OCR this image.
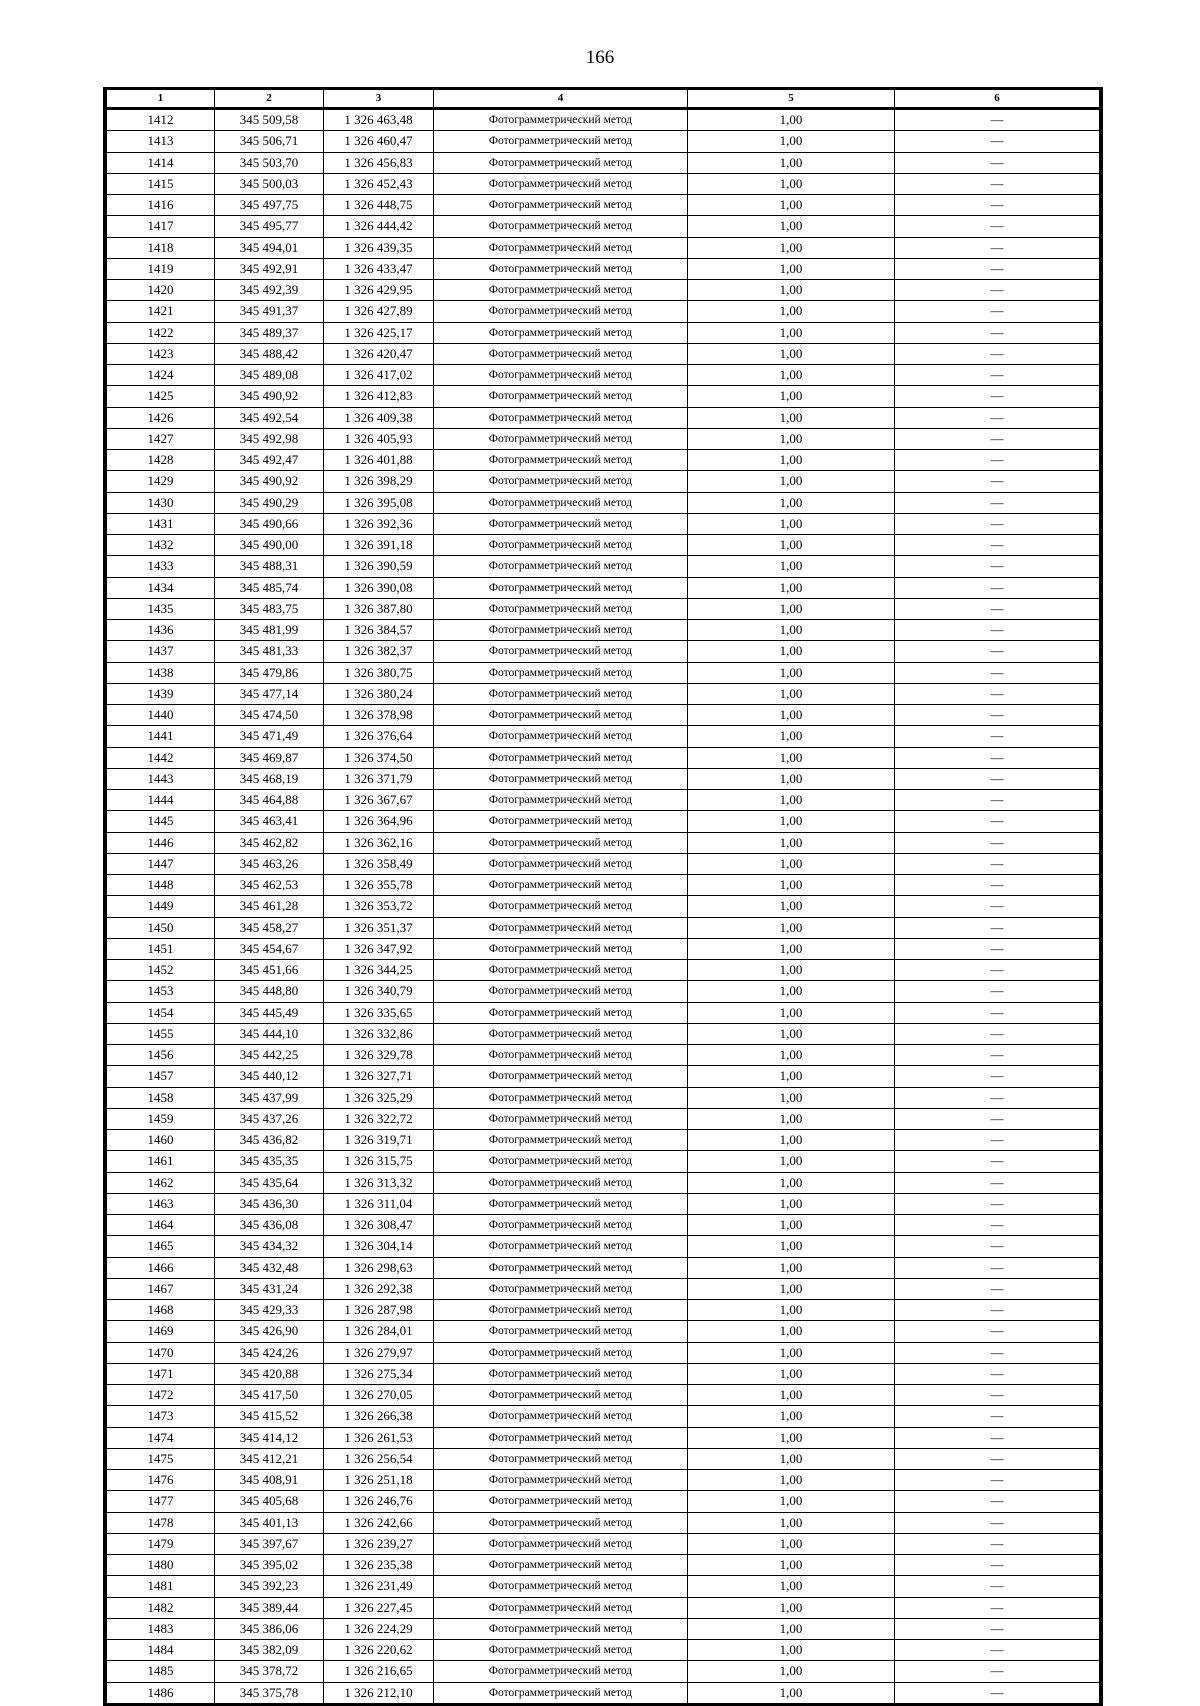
166
1	2	3	4	5	6
1412	345 509,58	1 326 463,48	Фотограмметрический метод	1,00	—
1413	345 506,71	1 326 460,47	Фотограмметрический метод	1,00	—
1414	345 503,70	1 326 456,83	Фотограмметрический метод	1,00	—
1415	345 500,03	1 326 452,43	Фотограмметрический метод	1,00	—
1416	345 497,75	1 326 448,75	Фотограмметрический метод	1,00	—
1417	345 495,77	1 326 444,42	Фотограмметрический метод	1,00	—
1418	345 494,01	1 326 439,35	Фотограмметрический метод	1,00	—
1419	345 492,91	1 326 433,47	Фотограмметрический метод	1,00	—
1420	345 492,39	1 326 429,95	Фотограмметрический метод	1,00	—
1421	345 491,37	1 326 427,89	Фотограмметрический метод	1,00	—
1422	345 489,37	1 326 425,17	Фотограмметрический метод	1,00	—
1423	345 488,42	1 326 420,47	Фотограмметрический метод	1,00	—
1424	345 489,08	1 326 417,02	Фотограмметрический метод	1,00	—
1425	345 490,92	1 326 412,83	Фотограмметрический метод	1,00	—
1426	345 492,54	1 326 409,38	Фотограмметрический метод	1,00	—
1427	345 492,98	1 326 405,93	Фотограмметрический метод	1,00	—
1428	345 492,47	1 326 401,88	Фотограмметрический метод	1,00	—
1429	345 490,92	1 326 398,29	Фотограмметрический метод	1,00	—
1430	345 490,29	1 326 395,08	Фотограмметрический метод	1,00	—
1431	345 490,66	1 326 392,36	Фотограмметрический метод	1,00	—
1432	345 490,00	1 326 391,18	Фотограмметрический метод	1,00	—
1433	345 488,31	1 326 390,59	Фотограмметрический метод	1,00	—
1434	345 485,74	1 326 390,08	Фотограмметрический метод	1,00	—
1435	345 483,75	1 326 387,80	Фотограмметрический метод	1,00	—
1436	345 481,99	1 326 384,57	Фотограмметрический метод	1,00	—
1437	345 481,33	1 326 382,37	Фотограмметрический метод	1,00	—
1438	345 479,86	1 326 380,75	Фотограмметрический метод	1,00	—
1439	345 477,14	1 326 380,24	Фотограмметрический метод	1,00	—
1440	345 474,50	1 326 378,98	Фотограмметрический метод	1,00	—
1441	345 471,49	1 326 376,64	Фотограмметрический метод	1,00	—
1442	345 469,87	1 326 374,50	Фотограмметрический метод	1,00	—
1443	345 468,19	1 326 371,79	Фотограмметрический метод	1,00	—
1444	345 464,88	1 326 367,67	Фотограмметрический метод	1,00	—
1445	345 463,41	1 326 364,96	Фотограмметрический метод	1,00	—
1446	345 462,82	1 326 362,16	Фотограмметрический метод	1,00	—
1447	345 463,26	1 326 358,49	Фотограмметрический метод	1,00	—
1448	345 462,53	1 326 355,78	Фотограмметрический метод	1,00	—
1449	345 461,28	1 326 353,72	Фотограмметрический метод	1,00	—
1450	345 458,27	1 326 351,37	Фотограмметрический метод	1,00	—
1451	345 454,67	1 326 347,92	Фотограмметрический метод	1,00	—
1452	345 451,66	1 326 344,25	Фотограмметрический метод	1,00	—
1453	345 448,80	1 326 340,79	Фотограмметрический метод	1,00	—
1454	345 445,49	1 326 335,65	Фотограмметрический метод	1,00	—
1455	345 444,10	1 326 332,86	Фотограмметрический метод	1,00	—
1456	345 442,25	1 326 329,78	Фотограмметрический метод	1,00	—
1457	345 440,12	1 326 327,71	Фотограмметрический метод	1,00	—
1458	345 437,99	1 326 325,29	Фотограмметрический метод	1,00	—
1459	345 437,26	1 326 322,72	Фотограмметрический метод	1,00	—
1460	345 436,82	1 326 319,71	Фотограмметрический метод	1,00	—
1461	345 435,35	1 326 315,75	Фотограмметрический метод	1,00	—
1462	345 435,64	1 326 313,32	Фотограмметрический метод	1,00	—
1463	345 436,30	1 326 311,04	Фотограмметрический метод	1,00	—
1464	345 436,08	1 326 308,47	Фотограмметрический метод	1,00	—
1465	345 434,32	1 326 304,14	Фотограмметрический метод	1,00	—
1466	345 432,48	1 326 298,63	Фотограмметрический метод	1,00	—
1467	345 431,24	1 326 292,38	Фотограмметрический метод	1,00	—
1468	345 429,33	1 326 287,98	Фотограмметрический метод	1,00	—
1469	345 426,90	1 326 284,01	Фотограмметрический метод	1,00	—
1470	345 424,26	1 326 279,97	Фотограмметрический метод	1,00	—
1471	345 420,88	1 326 275,34	Фотограмметрический метод	1,00	—
1472	345 417,50	1 326 270,05	Фотограмметрический метод	1,00	—
1473	345 415,52	1 326 266,38	Фотограмметрический метод	1,00	—
1474	345 414,12	1 326 261,53	Фотограмметрический метод	1,00	—
1475	345 412,21	1 326 256,54	Фотограмметрический метод	1,00	—
1476	345 408,91	1 326 251,18	Фотограмметрический метод	1,00	—
1477	345 405,68	1 326 246,76	Фотограмметрический метод	1,00	—
1478	345 401,13	1 326 242,66	Фотограмметрический метод	1,00	—
1479	345 397,67	1 326 239,27	Фотограмметрический метод	1,00	—
1480	345 395,02	1 326 235,38	Фотограмметрический метод	1,00	—
1481	345 392,23	1 326 231,49	Фотограмметрический метод	1,00	—
1482	345 389,44	1 326 227,45	Фотограмметрический метод	1,00	—
1483	345 386,06	1 326 224,29	Фотограмметрический метод	1,00	—
1484	345 382,09	1 326 220,62	Фотограмметрический метод	1,00	—
1485	345 378,72	1 326 216,65	Фотограмметрический метод	1,00	—
1486	345 375,78	1 326 212,10	Фотограмметрический метод	1,00	—
